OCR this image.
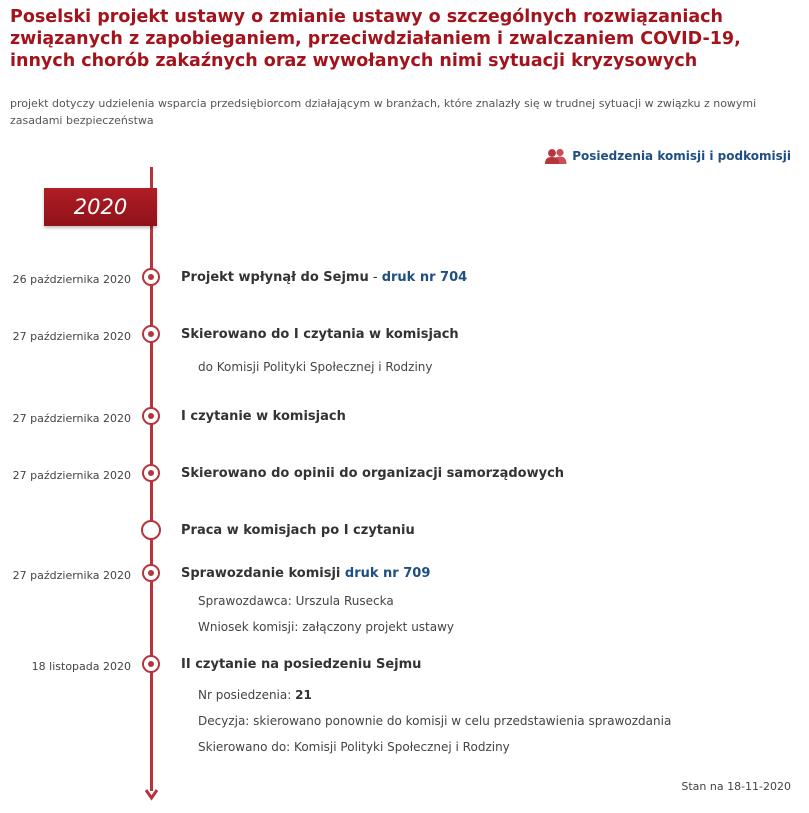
Poselski projekt ustawy o zmianie ustawy o szczególnych rozwiązaniach związanych z zapobieganiem, przeciwdziałaniem i zwalczaniem COVID-19, innych chorób zakaźnych oraz wywołanych nimi sytuacji kryzysowych

projekt dotyczy udzielenia wsparcia przedsiębiorcom działającym w branżach, które znalazły się w trudnej sytuacji w związku z nowymi zasadami bezpieczeństwa

Posiedzenia komisji i podkomisji
2020
26 października 2020	Projekt wpłynął do Sejmu - druk nr 704
27 października 2020	Skierowano do I czytania w komisjach
do Komisji Polityki Społecznej i Rodziny
27 października 2020	I czytanie w komisjach
27 października 2020	Skierowano do opinii do organizacji samorządowych
Praca w komisjach po I czytaniu
27 października 2020	Sprawozdanie komisji druk nr 709
Sprawozdawca: Urszula Rusecka
Wniosek komisji: załączony projekt ustawy
18 listopada 2020	II czytanie na posiedzeniu Sejmu
Nr posiedzenia: 21
Decyzja: skierowano ponownie do komisji w celu przedstawienia sprawozdania
Skierowano do: Komisji Polityki Społecznej i Rodziny
Stan na 18-11-2020
